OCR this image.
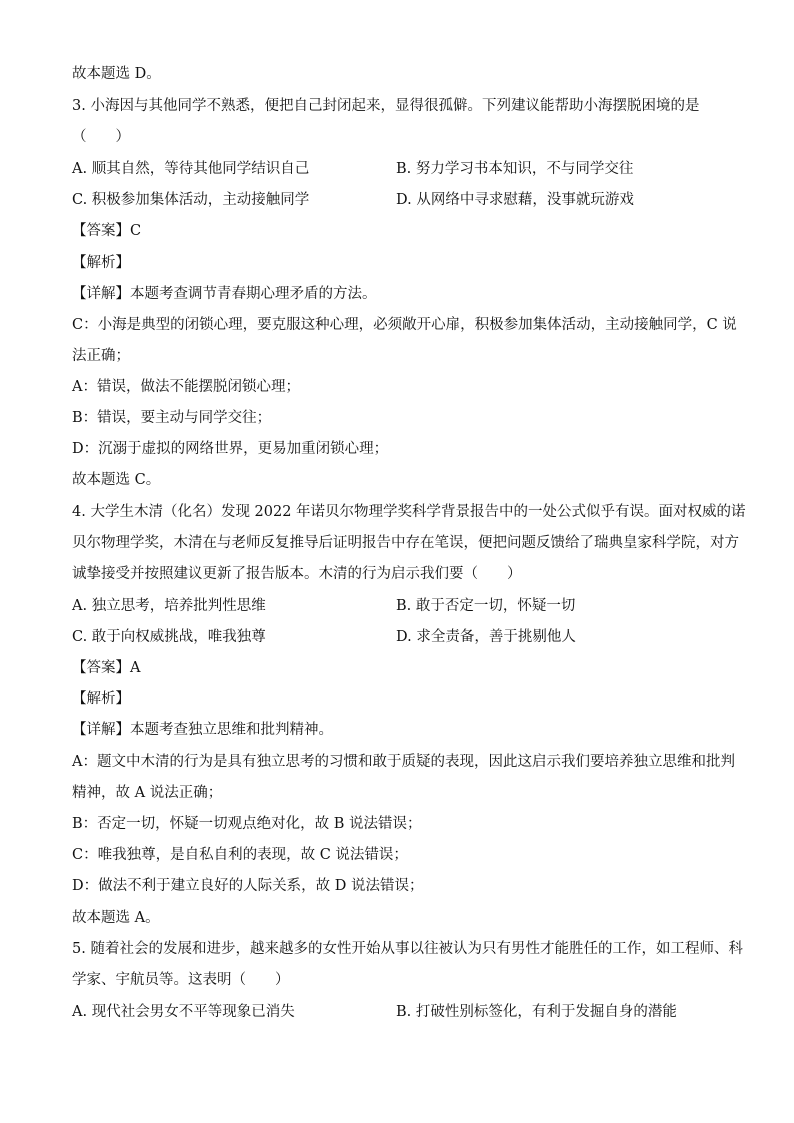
故本题选 D。
3. 小海因与其他同学不熟悉，便把自己封闭起来，显得很孤僻。下列建议能帮助小海摆脱困境的是
（　　）
A. 顺其自然，等待其他同学结识自己	B. 努力学习书本知识，不与同学交往
C. 积极参加集体活动，主动接触同学	D. 从网络中寻求慰藉，没事就玩游戏
【答案】C
【解析】
【详解】本题考查调节青春期心理矛盾的方法。
C：小海是典型的闭锁心理，要克服这种心理，必须敞开心扉，积极参加集体活动，主动接触同学，C 说
法正确；
A：错误，做法不能摆脱闭锁心理；
B：错误，要主动与同学交往；
D：沉溺于虚拟的网络世界，更易加重闭锁心理；
故本题选 C。
4. 大学生木清（化名）发现 2022 年诺贝尔物理学奖科学背景报告中的一处公式似乎有误。面对权威的诺
贝尔物理学奖，木清在与老师反复推导后证明报告中存在笔误，便把问题反馈给了瑞典皇家科学院，对方
诚挚接受并按照建议更新了报告版本。木清的行为启示我们要（　　）
A. 独立思考，培养批判性思维	B. 敢于否定一切，怀疑一切
C. 敢于向权威挑战，唯我独尊	D. 求全责备，善于挑剔他人
【答案】A
【解析】
【详解】本题考查独立思维和批判精神。
A：题文中木清的行为是具有独立思考的习惯和敢于质疑的表现，因此这启示我们要培养独立思维和批判
精神，故 A 说法正确；
B：否定一切，怀疑一切观点绝对化，故 B 说法错误；
C：唯我独尊，是自私自利的表现，故 C 说法错误；
D：做法不利于建立良好的人际关系，故 D 说法错误；
故本题选 A。
5. 随着社会的发展和进步，越来越多的女性开始从事以往被认为只有男性才能胜任的工作，如工程师、科
学家、宇航员等。这表明（　　）
A. 现代社会男女不平等现象已消失	B. 打破性别标签化，有利于发掘自身的潜能
